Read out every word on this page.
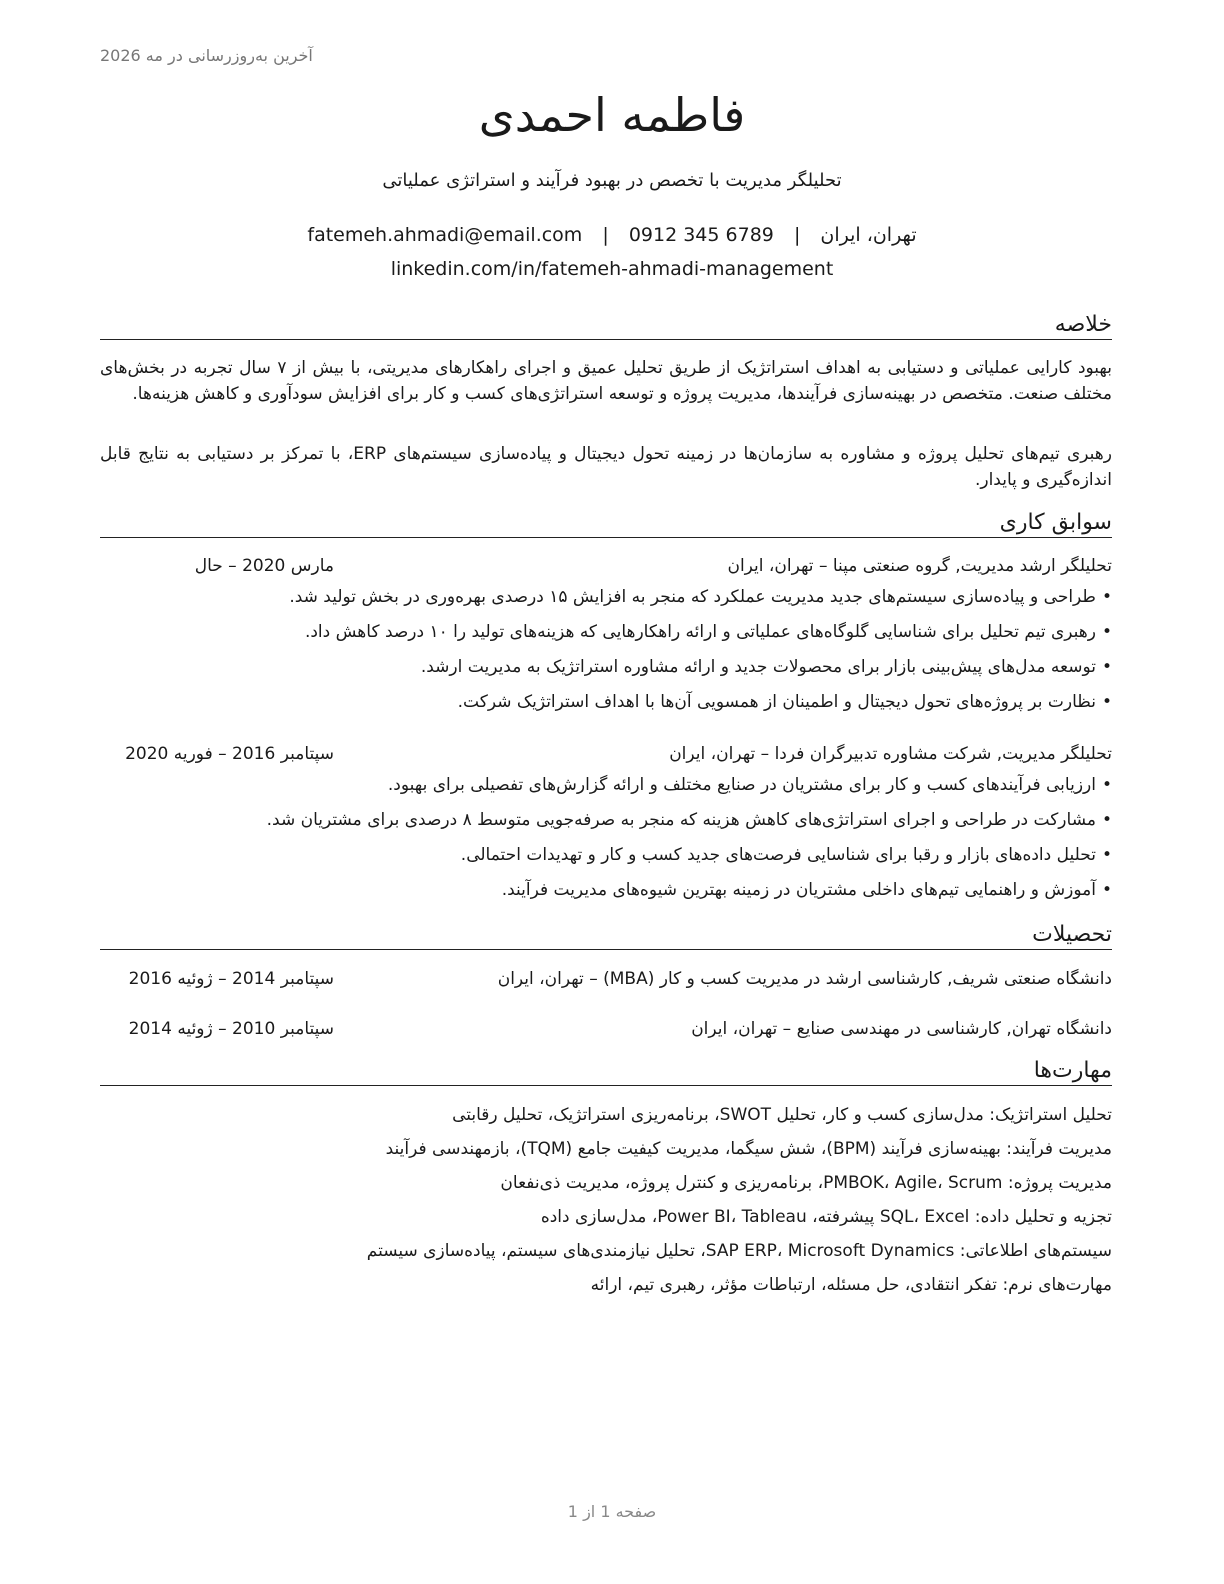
آخرین به‌روزرسانی در مه 2026
فاطمه احمدی
تحلیلگر مدیریت با تخصص در بهبود فرآیند و استراتژی عملیاتی
تهران، ایران | fatemeh.ahmadi@email.com | 0912 345 6789
linkedin.com/in/fatemeh-ahmadi-management
خلاصه
بهبود کارایی عملیاتی و دستیابی به اهداف استراتژیک از طریق تحلیل عمیق و اجرای راهکارهای مدیریتی، با بیش از ۷ سال تجربه در بخش‌های مختلف صنعت. متخصص در بهینه‌سازی فرآیندها، مدیریت پروژه و توسعه استراتژی‌های کسب و کار برای افزایش سودآوری و کاهش هزینه‌ها.
رهبری تیم‌های تحلیل پروژه و مشاوره به سازمان‌ها در زمینه تحول دیجیتال و پیاده‌سازی سیستم‌های ERP، با تمرکز بر دستیابی به نتایج قابل اندازه‌گیری و پایدار.
سوابق کاری
تحلیلگر ارشد مدیریت, گروه صنعتی مپنا – تهران، ایران
مارس 2020 – حال
•طراحی و پیاده‌سازی سیستم‌های جدید مدیریت عملکرد که منجر به افزایش ۱۵ درصدی بهره‌وری در بخش تولید شد.
•رهبری تیم تحلیل برای شناسایی گلوگاه‌های عملیاتی و ارائه راهکارهایی که هزینه‌های تولید را ۱۰ درصد کاهش داد.
•توسعه مدل‌های پیش‌بینی بازار برای محصولات جدید و ارائه مشاوره استراتژیک به مدیریت ارشد.
•نظارت بر پروژه‌های تحول دیجیتال و اطمینان از همسویی آن‌ها با اهداف استراتژیک شرکت.
تحلیلگر مدیریت, شرکت مشاوره تدبیرگران فردا – تهران، ایران
سپتامبر 2016 – فوریه 2020
•ارزیابی فرآیندهای کسب و کار برای مشتریان در صنایع مختلف و ارائه گزارش‌های تفصیلی برای بهبود.
•مشارکت در طراحی و اجرای استراتژی‌های کاهش هزینه که منجر به صرفه‌جویی متوسط ۸ درصدی برای مشتریان شد.
•تحلیل داده‌های بازار و رقبا برای شناسایی فرصت‌های جدید کسب و کار و تهدیدات احتمالی.
•آموزش و راهنمایی تیم‌های داخلی مشتریان در زمینه بهترین شیوه‌های مدیریت فرآیند.
تحصیلات
دانشگاه صنعتی شریف, کارشناسی ارشد در مدیریت کسب و کار (MBA) – تهران، ایران
سپتامبر 2014 – ژوئیه 2016
دانشگاه تهران, کارشناسی در مهندسی صنایع – تهران، ایران
سپتامبر 2010 – ژوئیه 2014
مهارت‌ها
تحلیل استراتژیک: مدل‌سازی کسب و کار، تحلیل SWOT، برنامه‌ریزی استراتژیک، تحلیل رقابتی
مدیریت فرآیند: بهینه‌سازی فرآیند (BPM)، شش سیگما، مدیریت کیفیت جامع (TQM)، بازمهندسی فرآیند
مدیریت پروژه: PMBOK، Agile، Scrum، برنامه‌ریزی و کنترل پروژه، مدیریت ذی‌نفعان
تجزیه و تحلیل داده: SQL، Excel پیشرفته، Power BI، Tableau، مدل‌سازی داده
سیستم‌های اطلاعاتی: SAP ERP، Microsoft Dynamics، تحلیل نیازمندی‌های سیستم، پیاده‌سازی سیستم
مهارت‌های نرم: تفکر انتقادی، حل مسئله، ارتباطات مؤثر، رهبری تیم، ارائه
صفحه 1 از 1
